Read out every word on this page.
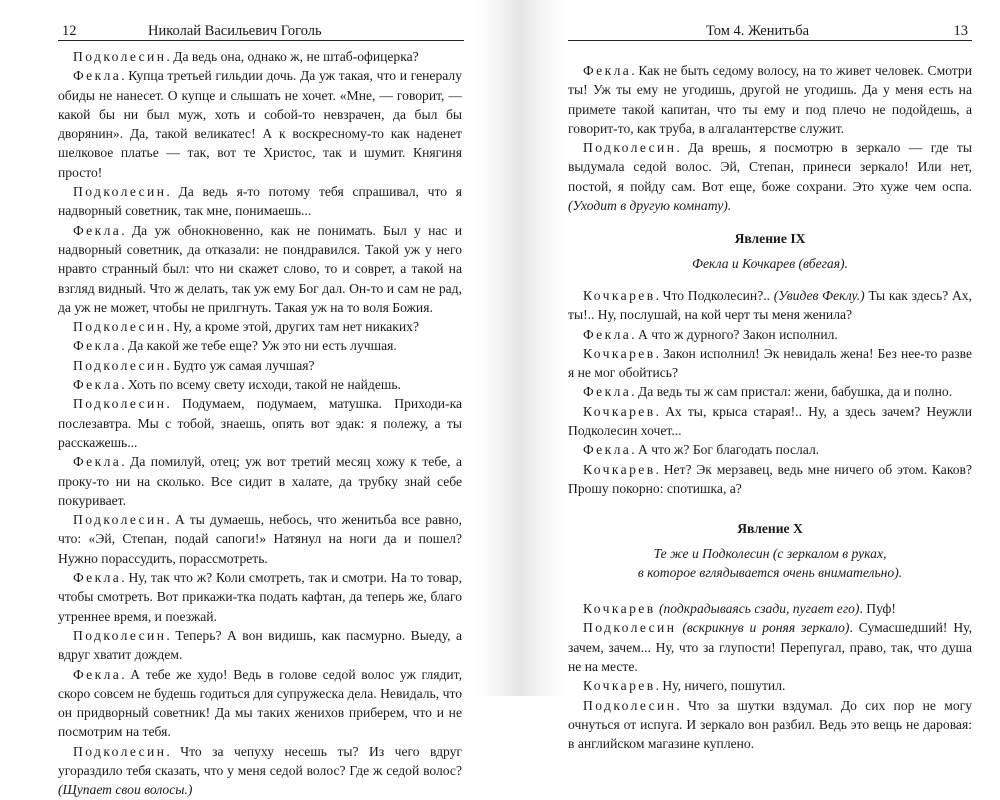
12	Николай Васильевич Гоголь

Подколесин. Да ведь она, однако ж, не штаб-офицерка?

Фекла. Купца третьей гильдии дочь. Да уж такая, что и генералу обиды не нанесет. О купце и слышать не хочет. «Мне, — говорит, — какой бы ни был муж, хоть и собой-то невзрачен, да был бы дворянин». Да, такой великатес! А к воскресному-то как наденет шелковое платье — так, вот те Христос, так и шумит. Княгиня просто!

Подколесин. Да ведь я-то потому тебя спрашивал, что я надворный советник, так мне, понимаешь...

Фекла. Да уж обнокновенно, как не понимать. Был у нас и надворный советник, да отказали: не пондравился. Такой уж у него нравто странный был: что ни скажет слово, то и соврет, а такой на взгляд видный. Что ж делать, так уж ему Бог дал. Он-то и сам не рад, да уж не может, чтобы не прилгнуть. Такая уж на то воля Божия.

Подколесин. Ну, а кроме этой, других там нет никаких?

Фекла. Да какой же тебе еще? Уж это ни есть лучшая.

Подколесин. Будто уж самая лучшая?

Фекла. Хоть по всему свету исходи, такой не найдешь.

Подколесин. Подумаем, подумаем, матушка. Приходи-ка послезавтра. Мы с тобой, знаешь, опять вот эдак: я полежу, а ты расскажешь...

Фекла. Да помилуй, отец; уж вот третий месяц хожу к тебе, а проку-то ни на сколько. Все сидит в халате, да трубку знай себе покуривает.

Подколесин. А ты думаешь, небось, что женитьба все равно, что: «Эй, Степан, подай сапоги!» Натянул на ноги да и пошел? Нужно порассудить, порассмотреть.

Фекла. Ну, так что ж? Коли смотреть, так и смотри. На то товар, чтобы смотреть. Вот прикажи-тка подать кафтан, да теперь же, благо утреннее время, и поезжай.

Подколесин. Теперь? А вон видишь, как пасмурно. Выеду, а вдруг хватит дождем.

Фекла. А тебе же худо! Ведь в голове седой волос уж глядит, скоро совсем не будешь годиться для супружеска дела. Невидаль, что он придворный советник! Да мы таких женихов приберем, что и не посмотрим на тебя.

Подколесин. Что за чепуху несешь ты? Из чего вдруг угораздило тебя сказать, что у меня седой волос? Где ж седой волос? (Щупает свои волосы.)

Том 4. Женитьба	13

Фекла. Как не быть седому волосу, на то живет человек. Смотри ты! Уж ты ему не угодишь, другой не угодишь. Да у меня есть на примете такой капитан, что ты ему и под плечо не подойдешь, а говорит-то, как труба, в алгалантерстве служит.

Подколесин. Да врешь, я посмотрю в зеркало — где ты выдумала седой волос. Эй, Степан, принеси зеркало! Или нет, постой, я пойду сам. Вот еще, боже сохрани. Это хуже чем оспа. (Уходит в другую комнату).

Явление IX

Фекла и Кочкарев (вбегая).

Кочкарев. Что Подколесин?.. (Увидев Феклу.) Ты как здесь? Ах, ты!.. Ну, послушай, на кой черт ты меня женила?

Фекла. А что ж дурного? Закон исполнил.

Кочкарев. Закон исполнил! Эк невидаль жена! Без нее-то разве я не мог обойтись?

Фекла. Да ведь ты ж сам пристал: жени, бабушка, да и полно.

Кочкарев. Ах ты, крыса старая!.. Ну, а здесь зачем? Неужли Подколесин хочет...

Фекла. А что ж? Бог благодать послал.

Кочкарев. Нет? Эк мерзавец, ведь мне ничего об этом. Каков? Прошу покорно: спотишка, а?

Явление X

Те же и Подколесин (с зеркалом в руках,

в которое вглядывается очень внимательно).

Кочкарев (подкрадываясь сзади, пугает его). Пуф!

Подколесин (вскрикнув и роняя зеркало). Сумасшедший! Ну, зачем, зачем... Ну, что за глупости! Перепугал, право, так, что душа не на месте.

Кочкарев. Ну, ничего, пошутил.

Подколесин. Что за шутки вздумал. До сих пор не могу очнуться от испуга. И зеркало вон разбил. Ведь это вещь не даровая: в английском магазине куплено.
